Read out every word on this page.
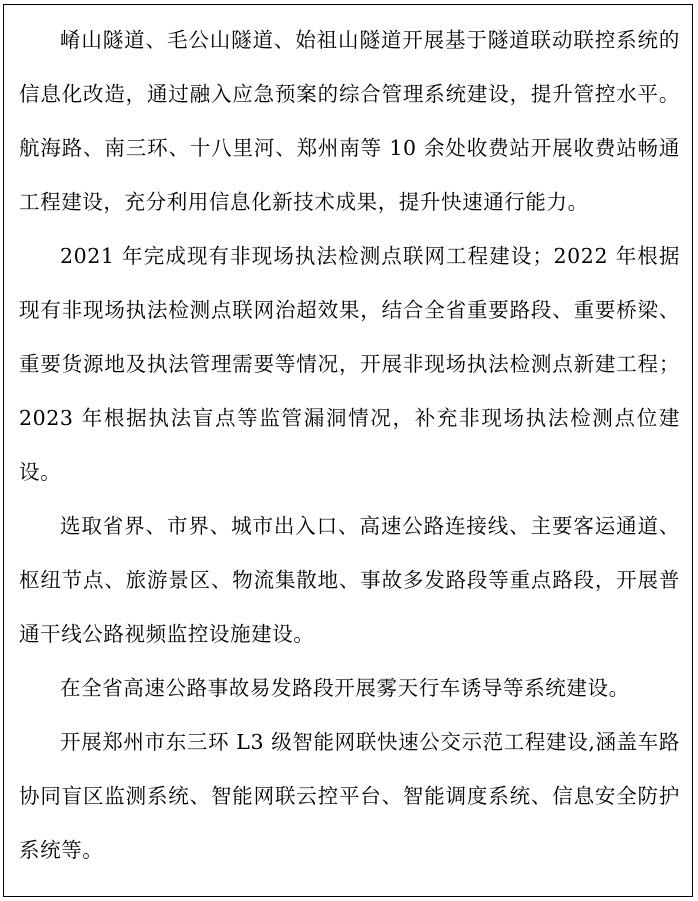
崤山隧道、毛公山隧道、始祖山隧道开展基于隧道联动联控系统的信息化改造，通过融入应急预案的综合管理系统建设，提升管控水平。航海路、南三环、十八里河、郑州南等 10 余处收费站开展收费站畅通工程建设，充分利用信息化新技术成果，提升快速通行能力。

2021 年完成现有非现场执法检测点联网工程建设；2022 年根据现有非现场执法检测点联网治超效果，结合全省重要路段、重要桥梁、重要货源地及执法管理需要等情况，开展非现场执法检测点新建工程；2023 年根据执法盲点等监管漏洞情况，补充非现场执法检测点位建设。

选取省界、市界、城市出入口、高速公路连接线、主要客运通道、枢纽节点、旅游景区、物流集散地、事故多发路段等重点路段，开展普通干线公路视频监控设施建设。

在全省高速公路事故易发路段开展雾天行车诱导等系统建设。

开展郑州市东三环 L3 级智能网联快速公交示范工程建设,涵盖车路协同盲区监测系统、智能网联云控平台、智能调度系统、信息安全防护系统等。
